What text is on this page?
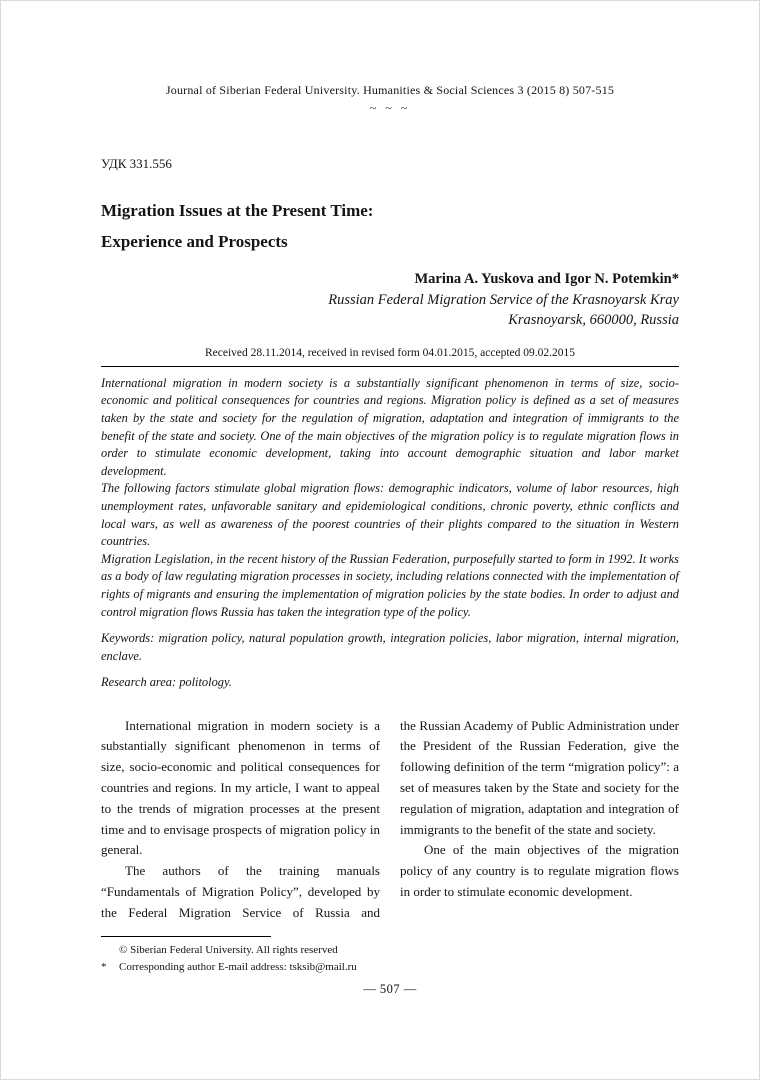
Journal of Siberian Federal University. Humanities & Social Sciences 3 (2015 8) 507-515
~ ~ ~
УДК 331.556
Migration Issues at the Present Time:
Experience and Prospects
Marina A. Yuskova and Igor N. Potemkin*
Russian Federal Migration Service of the Krasnoyarsk Kray
Krasnoyarsk, 660000, Russia
Received 28.11.2014, received in revised form 04.01.2015, accepted 09.02.2015

International migration in modern society is a substantially significant phenomenon in terms of size, socio-economic and political consequences for countries and regions. Migration policy is defined as a set of measures taken by the state and society for the regulation of migration, adaptation and integration of immigrants to the benefit of the state and society. One of the main objectives of the migration policy is to regulate migration flows in order to stimulate economic development, taking into account demographic situation and labor market development.

The following factors stimulate global migration flows: demographic indicators, volume of labor resources, high unemployment rates, unfavorable sanitary and epidemiological conditions, chronic poverty, ethnic conflicts and local wars, as well as awareness of the poorest countries of their plights compared to the situation in Western countries.

Migration Legislation, in the recent history of the Russian Federation, purposefully started to form in 1992. It works as a body of law regulating migration processes in society, including relations connected with the implementation of rights of migrants and ensuring the implementation of migration policies by the state bodies. In order to adjust and control migration flows Russia has taken the integration type of the policy.

Keywords: migration policy, natural population growth, integration policies, labor migration, internal migration, enclave.
Research area: politology.

International migration in modern society is a substantially significant phenomenon in terms of size, socio-economic and political consequences for countries and regions. In my article, I want to appeal to the trends of migration processes at the present time and to envisage prospects of migration policy in general.

The authors of the training manuals “Fundamentals of Migration Policy”, developed by the Federal Migration Service of Russia and

the Russian Academy of Public Administration under the President of the Russian Federation, give the following definition of the term “migration policy”: a set of measures taken by the State and society for the regulation of migration, adaptation and integration of immigrants to the benefit of the state and society.

One of the main objectives of the migration policy of any country is to regulate migration flows in order to stimulate economic development.

© Siberian Federal University. All rights reserved
*	Corresponding author E-mail address: tsksib@mail.ru
— 507 —
